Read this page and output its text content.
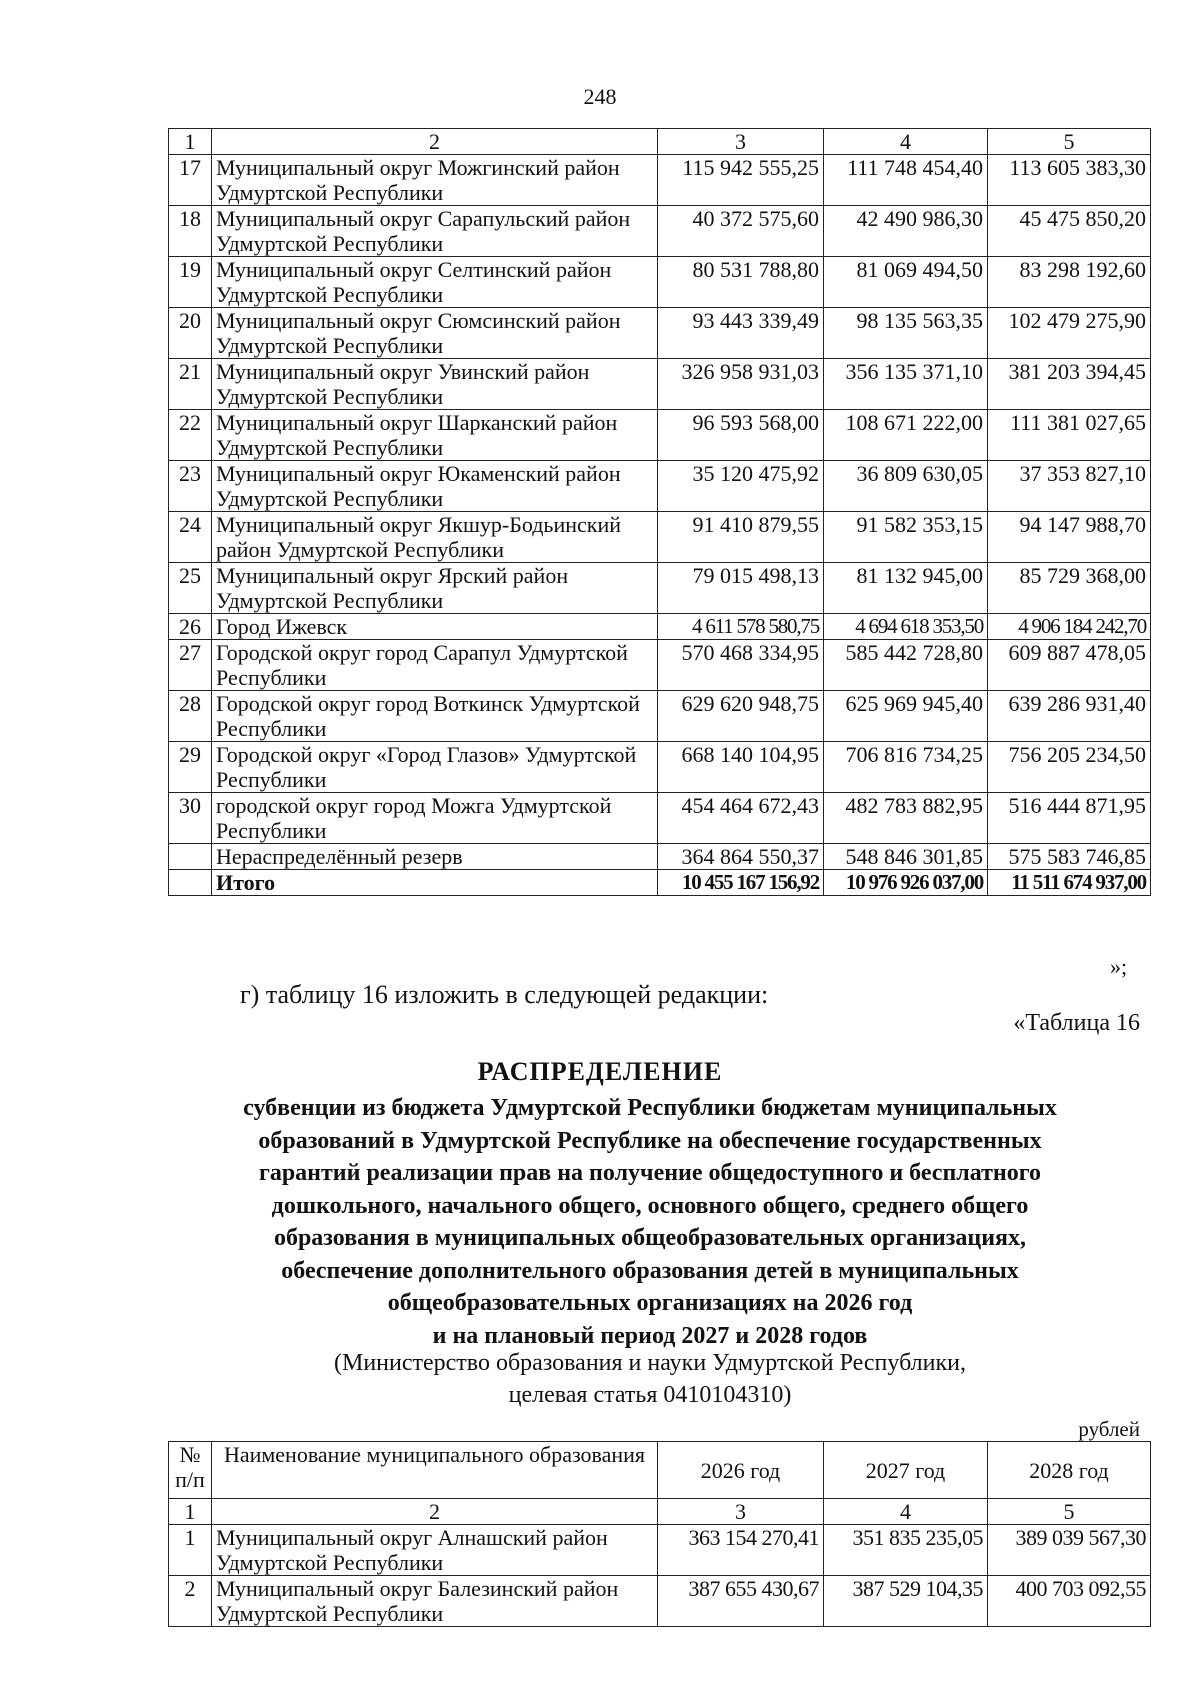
248
1	2	3	4	5
17	Муниципальный округ Можгинский район Удмуртской Республики	115 942 555,25	111 748 454,40	113 605 383,30
18	Муниципальный округ Сарапульский район Удмуртской Республики	40 372 575,60	42 490 986,30	45 475 850,20
19	Муниципальный округ Селтинский район Удмуртской Республики	80 531 788,80	81 069 494,50	83 298 192,60
20	Муниципальный округ Сюмсинский район Удмуртской Республики	93 443 339,49	98 135 563,35	102 479 275,90
21	Муниципальный округ Увинский район Удмуртской Республики	326 958 931,03	356 135 371,10	381 203 394,45
22	Муниципальный округ Шарканский район Удмуртской Республики	96 593 568,00	108 671 222,00	111 381 027,65
23	Муниципальный округ Юкаменский район Удмуртской Республики	35 120 475,92	36 809 630,05	37 353 827,10
24	Муниципальный округ Якшур-Бодьинский район Удмуртской Республики	91 410 879,55	91 582 353,15	94 147 988,70
25	Муниципальный округ Ярский район Удмуртской Республики	79 015 498,13	81 132 945,00	85 729 368,00
26	Город Ижевск	4 611 578 580,75	4 694 618 353,50	4 906 184 242,70
27	Городской округ город Сарапул Удмуртской Республики	570 468 334,95	585 442 728,80	609 887 478,05
28	Городской округ город Воткинск Удмуртской Республики	629 620 948,75	625 969 945,40	639 286 931,40
29	Городской округ «Город Глазов» Удмуртской Республики	668 140 104,95	706 816 734,25	756 205 234,50
30	городской округ город Можга Удмуртской Республики	454 464 672,43	482 783 882,95	516 444 871,95
	Нераспределённый резерв	364 864 550,37	548 846 301,85	575 583 746,85
	Итого	10 455 167 156,92	10 976 926 037,00	11 511 674 937,00
»;
г) таблицу 16 изложить в следующей редакции:
«Таблица 16
РАСПРЕДЕЛЕНИЕ
субвенции из бюджета Удмуртской Республики бюджетам муниципальных
образований в Удмуртской Республике на обеспечение государственных
гарантий реализации прав на получение общедоступного и бесплатного
дошкольного, начального общего, основного общего, среднего общего
образования в муниципальных общеобразовательных организациях,
обеспечение дополнительного образования детей в муниципальных
общеобразовательных организациях на 2026 год
и на плановый период 2027 и 2028 годов
(Министерство образования и науки Удмуртской Республики,
целевая статья 0410104310)
рублей
№ п/п	Наименование муниципального образования	2026 год	2027 год	2028 год
1	2	3	4	5
1	Муниципальный округ Алнашский район Удмуртской Республики	363 154 270,41	351 835 235,05	389 039 567,30
2	Муниципальный округ Балезинский район Удмуртской Республики	387 655 430,67	387 529 104,35	400 703 092,55
